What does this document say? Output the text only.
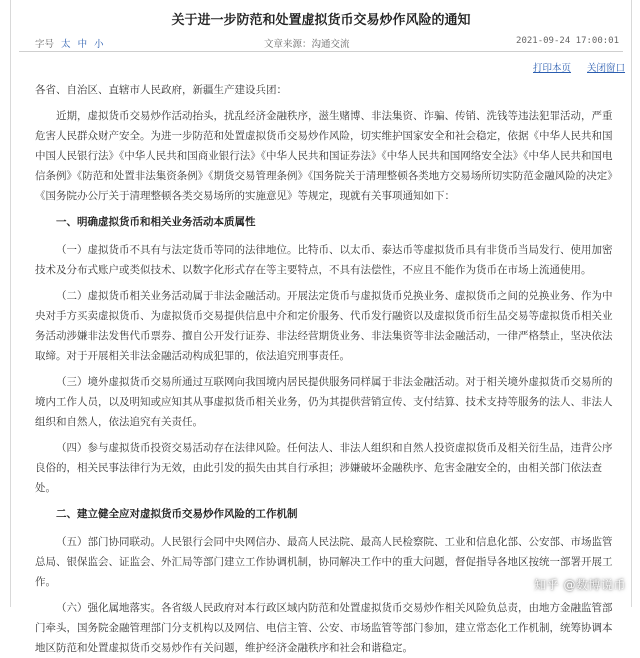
关于进一步防范和处置虚拟货币交易炒作风险的通知
字号 太 中 小	文章来源：沟通交流	2021-09-24 17:00:01
打印本页 关闭窗口

各省、自治区、直辖市人民政府，新疆生产建设兵团：

近期，虚拟货币交易炒作活动抬头，扰乱经济金融秩序，滋生赌博、非法集资、诈骗、传销、洗钱等违法犯罪活动，严重危害人民群众财产安全。为进一步防范和处置虚拟货币交易炒作风险，切实维护国家安全和社会稳定，依据《中华人民共和国中国人民银行法》《中华人民共和国商业银行法》《中华人民共和国证券法》《中华人民共和国网络安全法》《中华人民共和国电信条例》《防范和处置非法集资条例》《期货交易管理条例》《国务院关于清理整顿各类地方交易场所切实防范金融风险的决定》《国务院办公厅关于清理整顿各类交易场所的实施意见》等规定，现就有关事项通知如下：

一、明确虚拟货币和相关业务活动本质属性

（一）虚拟货币不具有与法定货币等同的法律地位。比特币、以太币、泰达币等虚拟货币具有非货币当局发行、使用加密技术及分布式账户或类似技术、以数字化形式存在等主要特点，不具有法偿性，不应且不能作为货币在市场上流通使用。

（二）虚拟货币相关业务活动属于非法金融活动。开展法定货币与虚拟货币兑换业务、虚拟货币之间的兑换业务、作为中央对手方买卖虚拟货币、为虚拟货币交易提供信息中介和定价服务、代币发行融资以及虚拟货币衍生品交易等虚拟货币相关业务活动涉嫌非法发售代币票券、擅自公开发行证券、非法经营期货业务、非法集资等非法金融活动，一律严格禁止，坚决依法取缔。对于开展相关非法金融活动构成犯罪的，依法追究刑事责任。

（三）境外虚拟货币交易所通过互联网向我国境内居民提供服务同样属于非法金融活动。对于相关境外虚拟货币交易所的境内工作人员，以及明知或应知其从事虚拟货币相关业务，仍为其提供营销宣传、支付结算、技术支持等服务的法人、非法人组织和自然人，依法追究有关责任。

（四）参与虚拟货币投资交易活动存在法律风险。任何法人、非法人组织和自然人投资虚拟货币及相关衍生品，违背公序良俗的，相关民事法律行为无效，由此引发的损失由其自行承担；涉嫌破坏金融秩序、危害金融安全的，由相关部门依法查处。

二、建立健全应对虚拟货币交易炒作风险的工作机制

（五）部门协同联动。人民银行会同中央网信办、最高人民法院、最高人民检察院、工业和信息化部、公安部、市场监管总局、银保监会、证监会、外汇局等部门建立工作协调机制，协同解决工作中的重大问题，督促指导各地区按统一部署开展工作。

（六）强化属地落实。各省级人民政府对本行政区域内防范和处置虚拟货币交易炒作相关风险负总责，由地方金融监管部门牵头，国务院金融管理部门分支机构以及网信、电信主管、公安、市场监管等部门参加，建立常态化工作机制，统筹协调本地区防范和处置虚拟货币交易炒作有关问题，维护经济金融秩序和社会和谐稳定。

知乎 @数博说币
